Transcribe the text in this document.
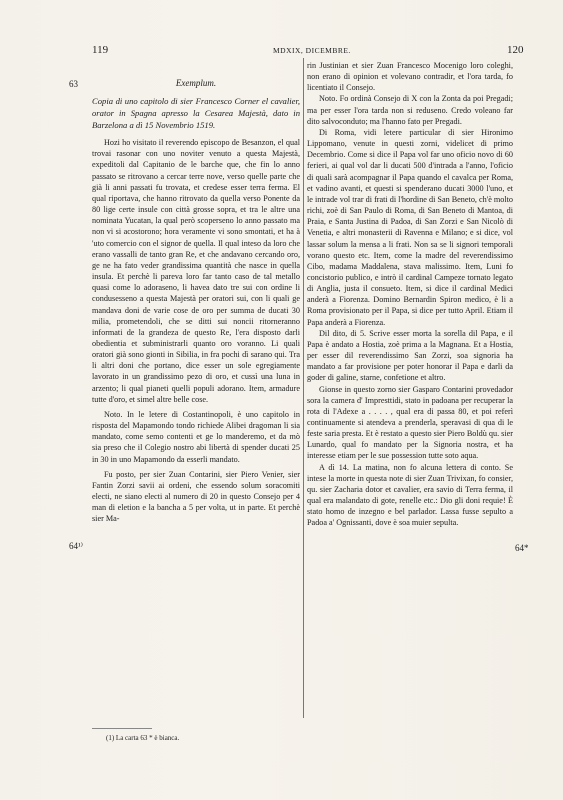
119	MDXIX, DICEMBRE.	120
63
64¹⁾	64*

Exemplum.

Copia di uno capitolo di sier Francesco Corner el cavalier, orator in Spagna apresso la Cesarea Majestà, dato in Barzelona a dì 15 Novembrio 1519.

Hozi ho visitato il reverendo episcopo de Besanzon, el qual trovai rasonar con uno noviter venuto a questa Majestà, expeditoli dal Capitanio de le barche que, che fin lo anno passato se ritrovano a cercar terre nove, verso quelle parte che già li anni passati fu trovata, et credese esser terra ferma. El qual riportava, che hanno ritrovato da quella verso Ponente da 80 lige certe insule con città grosse sopra, et tra le altre una nominata Yucatan, la qual però scoperseno lo anno passato ma non vi si acostorono; hora veramente vi sono smontati, et ha à 'uto comercio con el signor de quella. Il qual inteso da loro che erano vassalli de tanto gran Re, et che andavano cercando oro, ge ne ha fato veder grandissima quantità che nasce in quella insula. Et perchè li pareva loro far tanto caso de tal metallo quasi come lo adoraseno, li havea dato tre sui con ordine li condusesseno a questa Majestà per oratori sui, con li quali ge mandava doni de varie cose de oro per summa de ducati 30 milia, prometendoli, che se ditti sui noncii ritorneranno informati de la grandeza de questo Re, l'era disposto darli obedientia et subministrarli quanto oro voranno. Li quali oratori già sono gionti in Sibilia, in fra pochi dì sarano qui. Tra li altri doni che portano, dice esser un sole egregiamente lavorato in un grandissimo pezo di oro, et cussì una luna in arzento; li qual pianeti quelli populi adorano. Item, armadure tutte d'oro, et simel altre belle cose.

Noto. In le letere di Costantinopoli, è uno capitolo in risposta del Mapamondo tondo richiede Alibei dragoman li sia mandato, come semo contenti et ge lo manderemo, et da mò sia preso che il Colegio nostro abi libertà di spender ducati 25 in 30 in uno Mapamondo da esserli mandato.

Fu posto, per sier Zuan Contarini, sier Piero Venier, sier Fantin Zorzi savii ai ordeni, che essendo solum soracomiti electi, ne siano electi al numero di 20 in questo Consejo per 4 man di eletion e la bancha a 5 per volta, ut in parte. Et perchè sier Ma-

rin Justinian et sier Zuan Francesco Mocenigo loro coleghi, non erano di opinion et volevano contradir, et l'ora tarda, fo licentiato il Consejo.

Noto. Fo ordinà Consejo di X con la Zonta da poi Pregadi; ma per esser l'ora tarda non si reduseno. Credo voleano far dito salvoconduto; ma l'hanno fato per Pregadi.

Di Roma, vidi letere particular di sier Hironimo Lippomano, venute in questi zorni, videlicet di primo Decembrio. Come si dice il Papa vol far uno oficio novo di 60 ferieri, ai qual vol dar li ducati 500 d'intrada a l'anno, l'oficio di quali sarà acompagnar il Papa quando el cavalca per Roma, et vadino avanti, et questi si spenderano ducati 3000 l'uno, et le intrade vol trar di frati di l'hordine di San Beneto, ch'è molto richi, zoè di San Paulo di Roma, di San Beneto di Mantoa, di Praia, e Santa Justina di Padoa, di San Zorzi e San Nicolò di Venetia, e altri monasterii di Ravenna e Milano; e si dice, vol lassar solum la mensa a li frati. Non sa se li signori temporali vorano questo etc. Item, come la madre del reverendissimo Cibo, madama Maddalena, stava malissimo. Item, Luni fo concistorio publico, e intrò il cardinal Campeze tornato legato di Anglia, justa il consueto. Item, si dice il cardinal Medici anderà a Fiorenza. Domino Bernardin Spiron medico, è li a Roma provisionato per il Papa, si dice per tutto April. Etiam il Papa anderà a Fiorenza.

Dil dito, di 5. Scrive esser morta la sorella dil Papa, e il Papa è andato a Hostia, zoè prima a la Magnana. Et a Hostia, per esser dil reverendissimo San Zorzi, soa signoria ha mandato a far provisione per poter honorar il Papa e darli da goder di galine, starne, confetione et altro.

Gionse in questo zorno sier Gasparo Contarini provedador sora la camera d' Impresttidi, stato in padoana per recuperar la rota di l'Adexe a . . . . , qual era di passa 80, et poi referì continuamente si atendeva a prenderla, speravasi di qua di le feste saria presta. Et è restato a questo sier Piero Boldù qu. sier Lunardo, qual fo mandato per la Signoria nostra, et ha interesse etiam per le sue possession tutte soto aqua.

A dì 14. La matina, non fo alcuna lettera di conto. Se intese la morte in questa note di sier Zuan Trivixan, fo consier, qu. sier Zacharia dotor et cavalier, era savio di Terra ferma, il qual era malandato di gote, renelle etc.: Dio gli doni requie! È stato homo de inzegno e bel parlador. Lassa fusse sepulto a Padoa a' Ognissanti, dove è soa muier sepulta.

(1) La carta 63 * è bianca.
